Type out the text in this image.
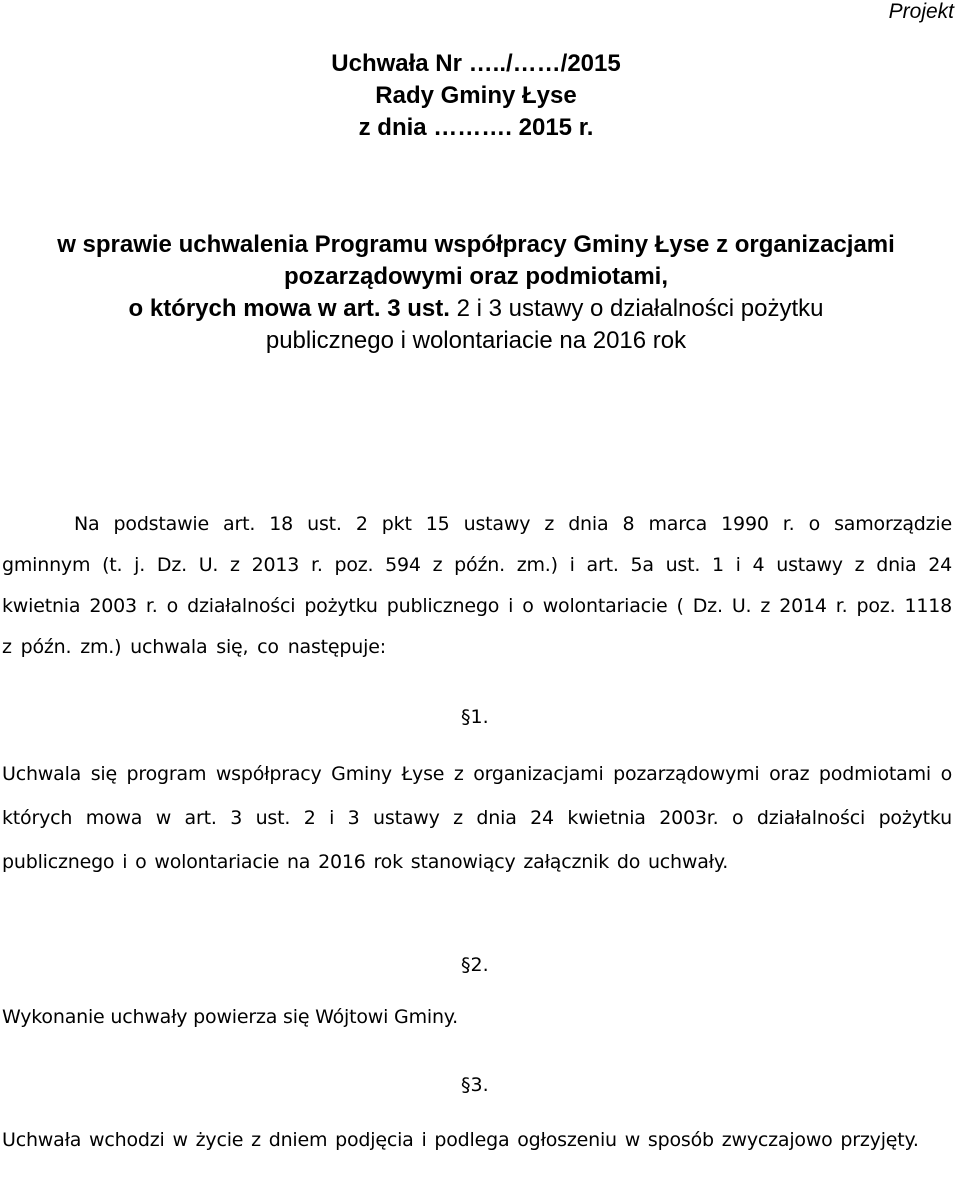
Projekt
Uchwała Nr …../……/2015
Rady Gminy Łyse
z dnia ………. 2015 r.
w sprawie uchwalenia Programu współpracy Gminy Łyse z organizacjami
pozarządowymi oraz podmiotami,
o których mowa w art. 3 ust. 2 i 3 ustawy o działalności pożytku
publicznego i wolontariacie na 2016 rok
Na podstawie art. 18 ust. 2 pkt 15 ustawy z dnia 8 marca 1990 r. o samorządzie gminnym (t. j. Dz. U. z 2013 r. poz. 594 z późn. zm.) i art. 5a ust. 1 i 4 ustawy z dnia 24 kwietnia 2003 r. o działalności pożytku publicznego i o wolontariacie ( Dz. U. z 2014 r. poz. 1118 z późn. zm.) uchwala się, co następuje:
§1.
Uchwala się program współpracy Gminy Łyse z organizacjami pozarządowymi oraz podmiotami o których mowa w art. 3 ust. 2 i 3 ustawy z dnia 24 kwietnia 2003r. o działalności pożytku publicznego i o wolontariacie na 2016 rok stanowiący załącznik do uchwały.
§2.
Wykonanie uchwały powierza się Wójtowi Gminy.
§3.
Uchwała wchodzi w życie z dniem podjęcia i podlega ogłoszeniu w sposób zwyczajowo przyjęty.
